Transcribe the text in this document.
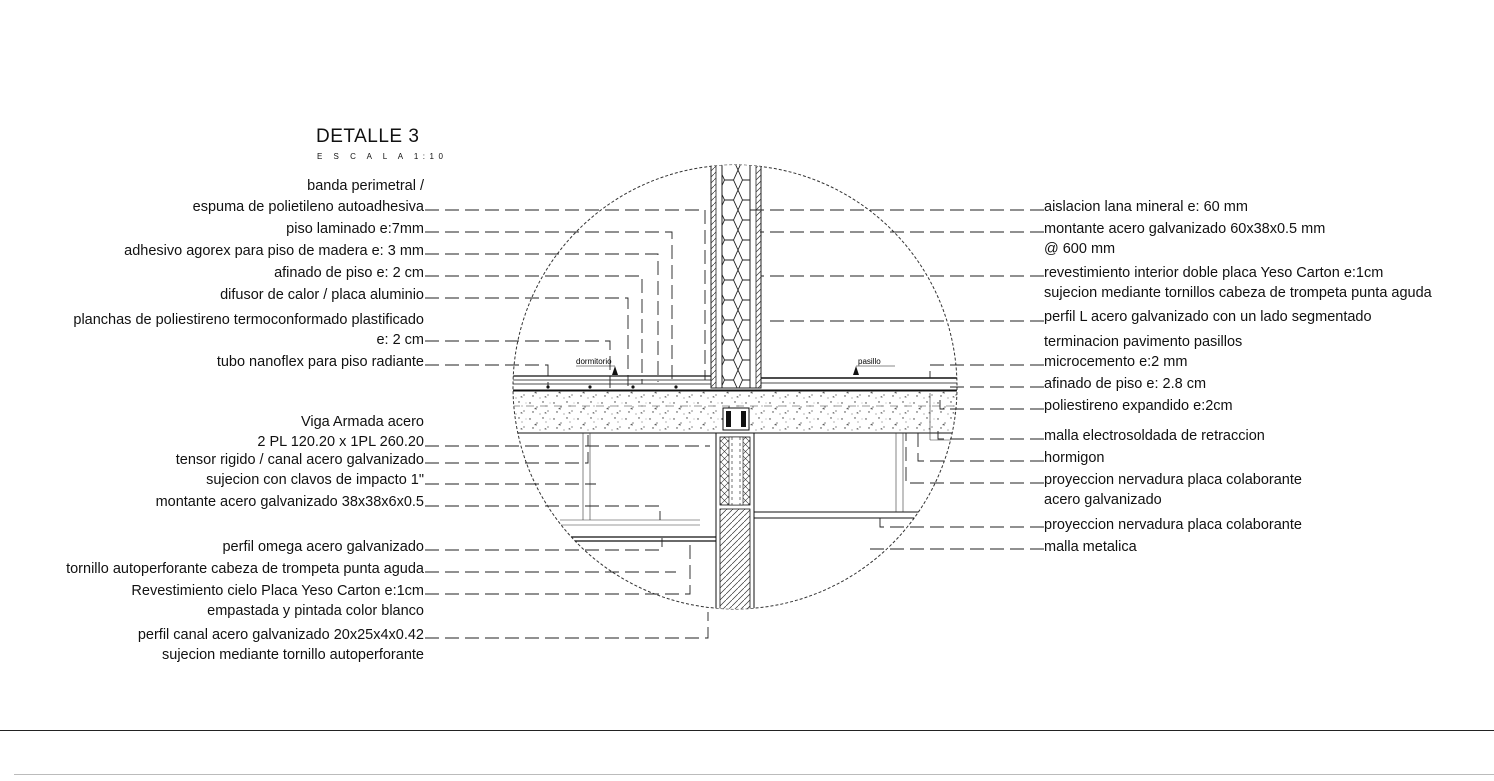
DETALLE 3
E S C A L A 1:10
banda perimetral /
espuma de polietileno autoadhesiva
piso laminado e:7mm
adhesivo agorex para piso de madera e: 3 mm
afinado de piso e: 2 cm
difusor de calor / placa aluminio
planchas de poliestireno termoconformado plastificado
e: 2 cm
tubo nanoflex para piso radiante
Viga Armada acero
2 PL 120.20 x 1PL 260.20
tensor rigido / canal acero galvanizado
sujecion con clavos de impacto 1"
montante acero galvanizado 38x38x6x0.5
perfil omega acero galvanizado
tornillo autoperforante cabeza de trompeta punta aguda
Revestimiento cielo Placa Yeso Carton e:1cm
empastada y pintada color blanco
perfil canal acero galvanizado 20x25x4x0.42
sujecion mediante tornillo autoperforante
aislacion lana mineral e: 60 mm
montante acero galvanizado 60x38x0.5 mm
@ 600 mm
revestimiento interior doble placa Yeso Carton e:1cm
sujecion mediante tornillos cabeza de trompeta punta aguda
perfil L acero galvanizado con un lado segmentado
terminacion pavimento pasillos
microcemento e:2 mm
afinado de piso e: 2.8 cm
poliestireno expandido e:2cm
malla electrosoldada de retraccion
hormigon
proyeccion nervadura placa colaborante
acero galvanizado
proyeccion nervadura placa colaborante
malla metalica
dormitorio	pasillo
